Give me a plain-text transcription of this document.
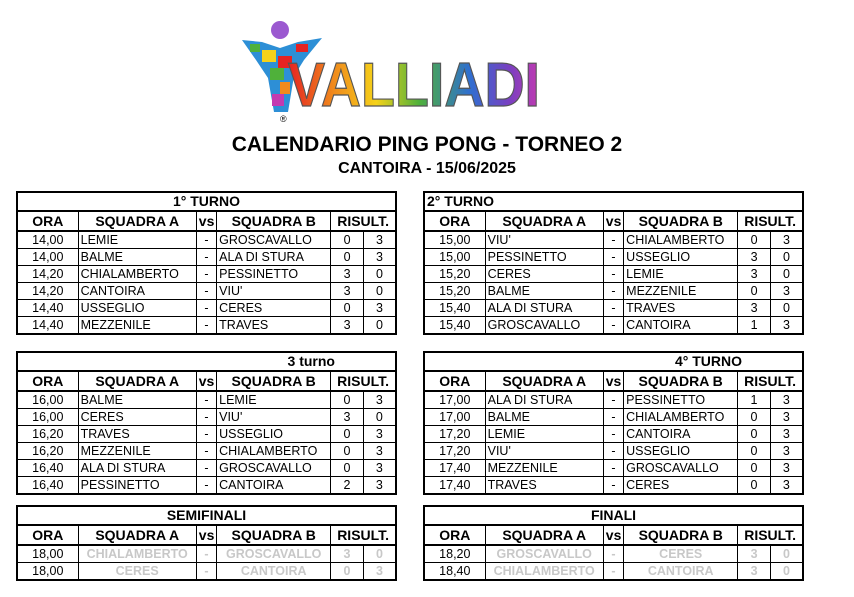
® VALLIADI
CALENDARIO PING PONG - TORNEO 2
CANTOIRA - 15/06/2025
1° TURNO					
ORA	SQUADRA A	vs	SQUADRA B	RISULT.	
14,00	LEMIE	-	GROSCAVALLO	0	3
14,00	BALME	-	ALA DI STURA	0	3
14,20	CHIALAMBERTO	-	PESSINETTO	3	0
14,20	CANTOIRA	-	VIU'	3	0
14,40	USSEGLIO	-	CERES	0	3
14,40	MEZZENILE	-	TRAVES	3	0
2° TURNO					
ORA	SQUADRA A	vs	SQUADRA B	RISULT.	
15,00	VIU'	-	CHIALAMBERTO	0	3
15,00	PESSINETTO	-	USSEGLIO	3	0
15,20	CERES	-	LEMIE	3	0
15,20	BALME	-	MEZZENILE	0	3
15,40	ALA DI STURA	-	TRAVES	3	0
15,40	GROSCAVALLO	-	CANTOIRA	1	3
3 turno					
ORA	SQUADRA A	vs	SQUADRA B	RISULT.	
16,00	BALME	-	LEMIE	0	3
16,00	CERES	-	VIU'	3	0
16,20	TRAVES	-	USSEGLIO	0	3
16,20	MEZZENILE	-	CHIALAMBERTO	0	3
16,40	ALA DI STURA	-	GROSCAVALLO	0	3
16,40	PESSINETTO	-	CANTOIRA	2	3
4° TURNO					
ORA	SQUADRA A	vs	SQUADRA B	RISULT.	
17,00	ALA DI STURA	-	PESSINETTO	1	3
17,00	BALME	-	CHIALAMBERTO	0	3
17,20	LEMIE	-	CANTOIRA	0	3
17,20	VIU'	-	USSEGLIO	0	3
17,40	MEZZENILE	-	GROSCAVALLO	0	3
17,40	TRAVES	-	CERES	0	3
SEMIFINALI					
ORA	SQUADRA A	vs	SQUADRA B	RISULT.	
18,00	CHIALAMBERTO	-	GROSCAVALLO	3	0
18,00	CERES	-	CANTOIRA	0	3
FINALI					
ORA	SQUADRA A	vs	SQUADRA B	RISULT.	
18,20	GROSCAVALLO	-	CERES	3	0
18,40	CHIALAMBERTO	-	CANTOIRA	3	0
